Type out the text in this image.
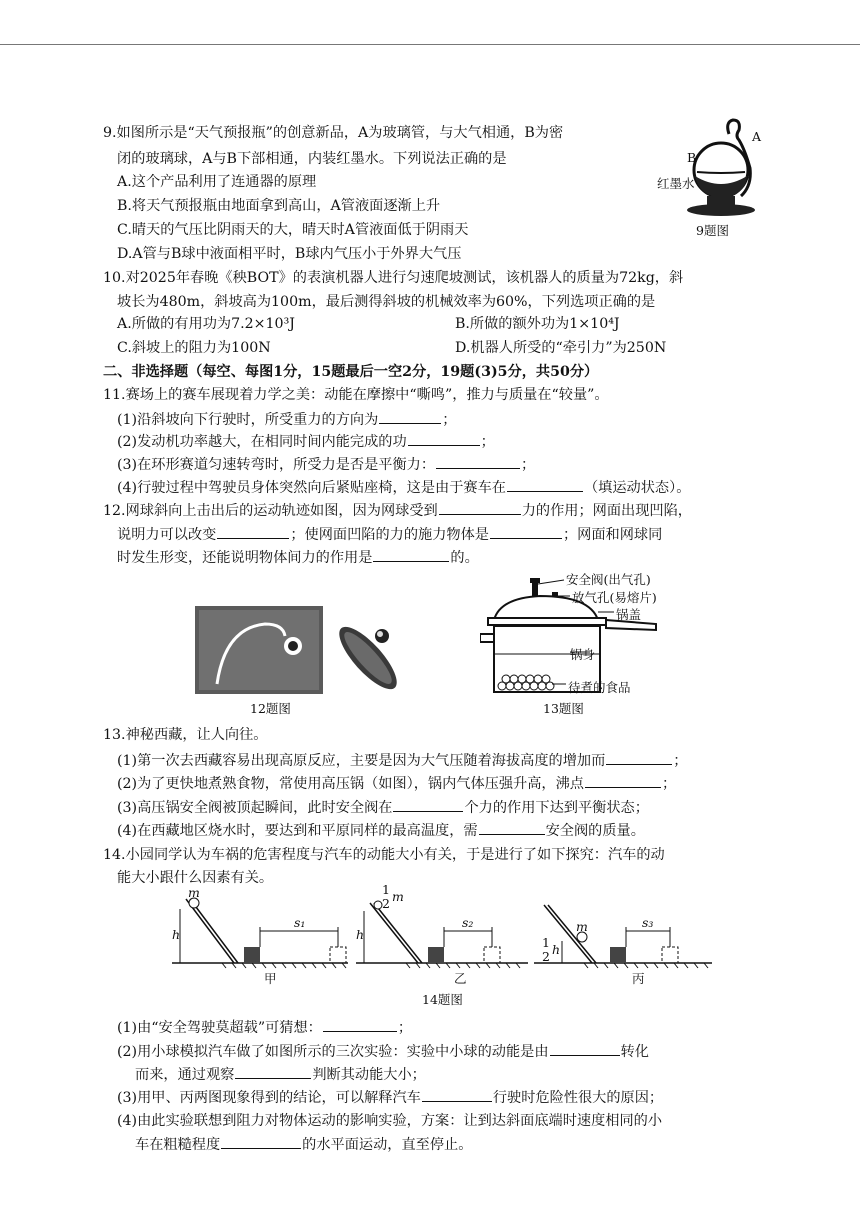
9.如图所示是“天气预报瓶”的创意新品，A为玻璃管，与大气相通，B为密
闭的玻璃球，A与B下部相通，内装红墨水。下列说法正确的是
A.这个产品利用了连通器的原理
B.将天气预报瓶由地面拿到高山，A管液面逐渐上升
C.晴天的气压比阴雨天的大，晴天时A管液面低于阴雨天
D.A管与B球中液面相平时，B球内气压小于外界大气压
A
B
红墨水
9题图
10.对2025年春晚《秧BOT》的表演机器人进行匀速爬坡测试，该机器人的质量为72kg，斜
坡长为480m，斜坡高为100m，最后测得斜坡的机械效率为60%，下列选项正确的是
A.所做的有用功为7.2×10³J	B.所做的额外功为1×10⁴J
C.斜坡上的阻力为100N	D.机器人所受的“牵引力”为250N
二、非选择题（每空、每图1分，15题最后一空2分，19题(3)5分，共50分）
11.赛场上的赛车展现着力学之美：动能在摩擦中“嘶鸣”，推力与质量在“较量”。
(1)沿斜坡向下行驶时，所受重力的方向为	；
(2)发动机功率越大，在相同时间内能完成的功	；
(3)在环形赛道匀速转弯时，所受力是否是平衡力：	；
(4)行驶过程中驾驶员身体突然向后紧贴座椅，这是由于赛车在	（填运动状态）。
12.网球斜向上击出后的运动轨迹如图，因为网球受到	力的作用；网面出现凹陷，
说明力可以改变	；使网面凹陷的力的施力物体是	；网面和网球同
时发生形变，还能说明物体间力的作用是	的。
12题图
安全阀(出气孔)
放气孔(易熔片)
锅盖
锅身
待煮的食品
13题图
13.神秘西藏，让人向往。
(1)第一次去西藏容易出现高原反应，主要是因为大气压随着海拔高度的增加而	；
(2)为了更快地煮熟食物，常使用高压锅（如图），锅内气体压强升高，沸点	；
(3)高压锅安全阀被顶起瞬间，此时安全阀在	个力的作用下达到平衡状态；
(4)在西藏地区烧水时，要达到和平原同样的最高温度，需	安全阀的质量。
14.小园同学认为车祸的危害程度与汽车的动能大小有关，于是进行了如下探究：汽车的动
能大小跟什么因素有关。
m
h
s₁
1
2 m
h
s₂	m
1
2 h
s₃
甲	乙	丙
14题图
(1)由“安全驾驶莫超载”可猜想：	；
(2)用小球模拟汽车做了如图所示的三次实验：实验中小球的动能是由	转化
而来，通过观察	判断其动能大小；
(3)用甲、丙两图现象得到的结论，可以解释汽车	行驶时危险性很大的原因；
(4)由此实验联想到阻力对物体运动的影响实验，方案：让到达斜面底端时速度相同的小
车在粗糙程度	的水平面运动，直至停止。
